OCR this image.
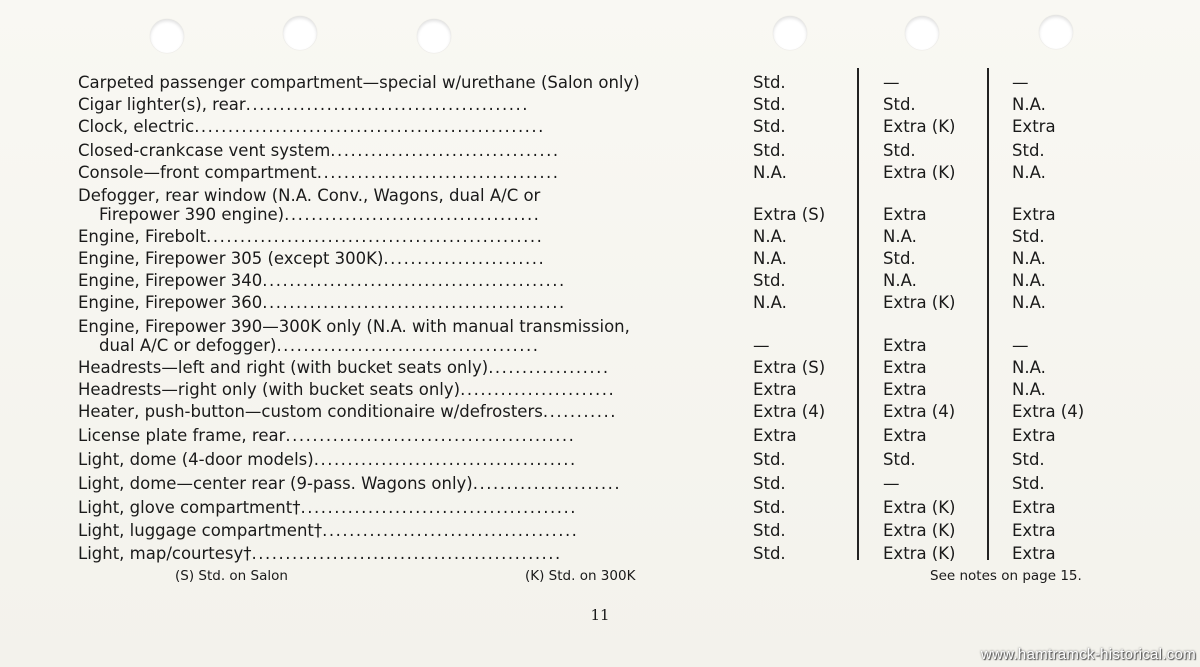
Carpeted passenger compartment—special w/urethane (Salon only)	Std.	—	—
Cigar lighter(s), rear..........................................	Std.	Std.	N.A.
Clock, electric....................................................	Std.	Extra (K)	Extra
Closed-crankcase vent system..................................	Std.	Std.	Std.
Console—front compartment....................................	N.A.	Extra (K)	N.A.
Defogger, rear window (N.A. Conv., Wagons, dual A/C or
Firepower 390 engine)......................................	Extra (S)	Extra	Extra
Engine, Firebolt..................................................	N.A.	N.A.	Std.
Engine, Firepower 305 (except 300K)........................	N.A.	Std.	N.A.
Engine, Firepower 340.............................................	Std.	N.A.	N.A.
Engine, Firepower 360.............................................	N.A.	Extra (K)	N.A.
Engine, Firepower 390—300K only (N.A. with manual transmission,
dual A/C or defogger).......................................	—	Extra	—
Headrests—left and right (with bucket seats only)..................	Extra (S)	Extra	N.A.
Headrests—right only (with bucket seats only).......................	Extra	Extra	N.A.
Heater, push-button—custom conditionaire w/defrosters...........	Extra (4)	Extra (4)	Extra (4)
License plate frame, rear...........................................	Extra	Extra	Extra
Light, dome (4-door models).......................................	Std.	Std.	Std.
Light, dome—center rear (9-pass. Wagons only)......................	Std.	—	Std.
Light, glove compartment†.........................................	Std.	Extra (K)	Extra
Light, luggage compartment†......................................	Std.	Extra (K)	Extra
Light, map/courtesy†..............................................	Std.	Extra (K)	Extra
(S) Std. on Salon	(K) Std. on 300K	See notes on page 15.
11
www.hamtramck-historical.com
